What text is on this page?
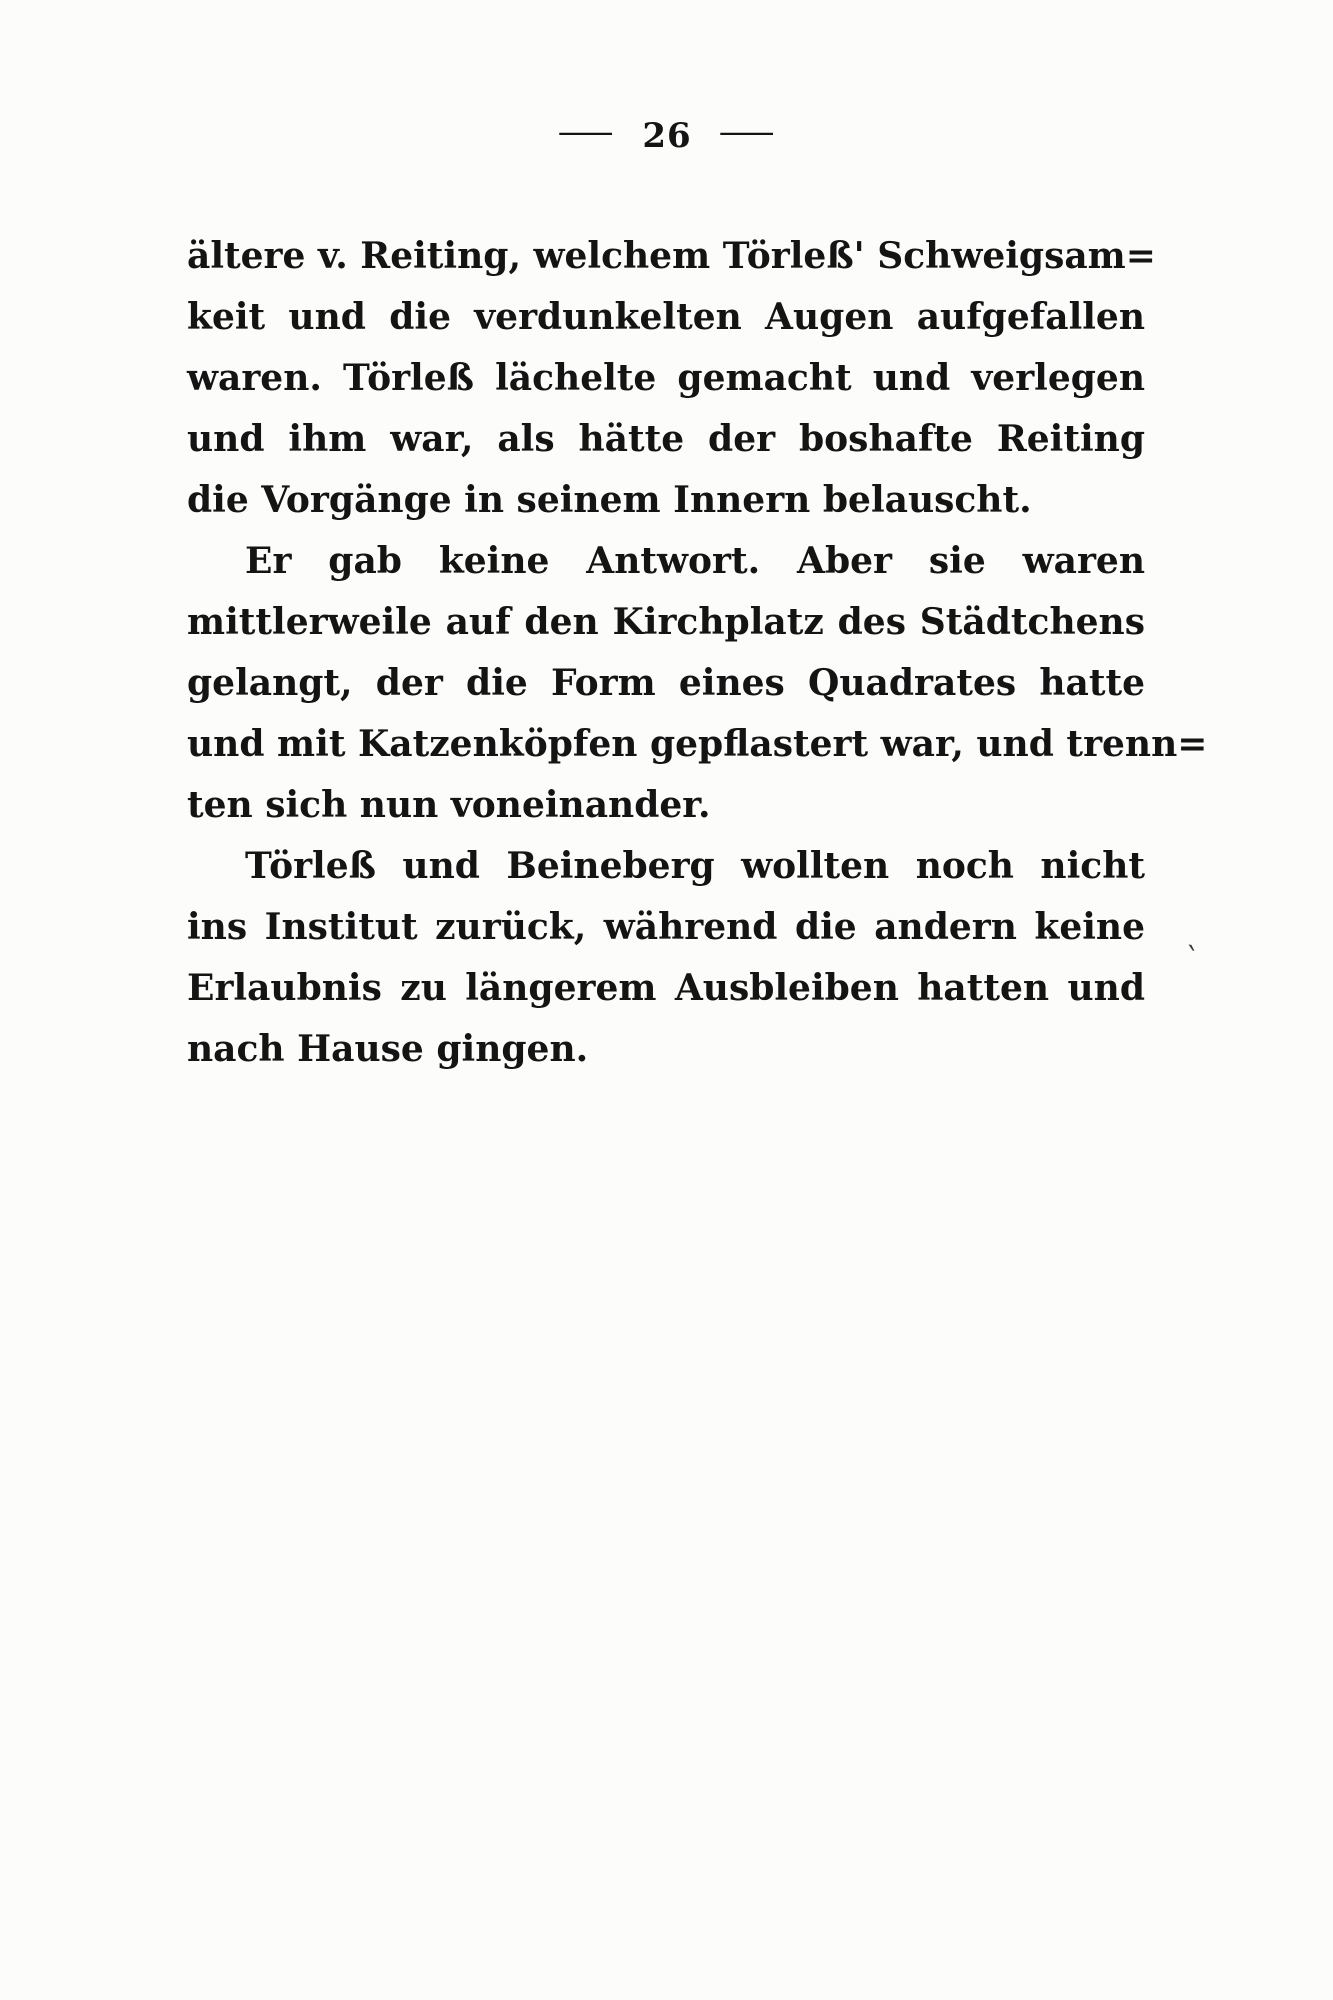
— 26 —
ältere v. Reiting, welchem Törleß' Schweigsam=
keit und die verdunkelten Augen aufgefallen
waren. Törleß lächelte gemacht und verlegen
und ihm war, als hätte der boshafte Reiting
die Vorgänge in seinem Innern belauscht.
Er gab keine Antwort. Aber sie waren
mittlerweile auf den Kirchplatz des Städtchens
gelangt, der die Form eines Quadrates hatte
und mit Katzenköpfen gepflastert war, und trenn=
ten sich nun voneinander.
Törleß und Beineberg wollten noch nicht
ins Institut zurück, während die andern keine
Erlaubnis zu längerem Ausbleiben hatten und
nach Hause gingen.
`
